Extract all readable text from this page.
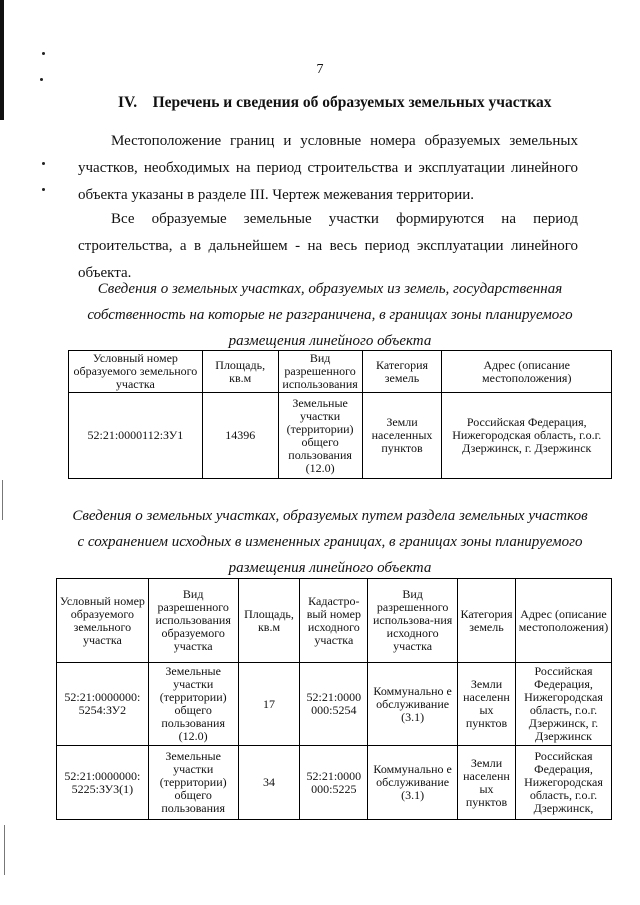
7
IV. Перечень и сведения об образуемых земельных участках
Местоположение границ и условные номера образуемых земельных участков, необходимых на период строительства и эксплуатации линейного объекта указаны в разделе III. Чертеж межевания территории.
Все образуемые земельные участки формируются на период строительства, а в дальнейшем - на весь период эксплуатации линейного объекта.
Сведения о земельных участках, образуемых из земель, государственная собственность на которые не разграничена, в границах зоны планируемого размещения линейного объекта
Условный номер образуемого земельного участка	Площадь, кв.м	Вид разрешенного использования	Категория земель	Адрес (описание местоположения)
52:21:0000112:ЗУ1	14396	Земельные участки (территории) общего пользования (12.0)	Земли населенных пунктов	Российская Федерация, Нижегородская область, г.о.г. Дзержинск, г. Дзержинск
Сведения о земельных участках, образуемых путем раздела земельных участков с сохранением исходных в измененных границах, в границах зоны планируемого размещения линейного объекта
Условный номер образуемого земельного участка	Вид разрешенного использования образуемого участка	Площадь, кв.м	Кадастро-вый номер исходного участка	Вид разрешенного использова-ния исходного участка	Категория земель	Адрес (описание местоположения)
52:21:0000000: 5254:ЗУ2	Земельные участки (территории) общего пользования (12.0)	17	52:21:0000 000:5254	Коммунально е обслуживание (3.1)	Земли населенн ых пунктов	Российская Федерация, Нижегородская область, г.о.г. Дзержинск, г. Дзержинск
52:21:0000000: 5225:ЗУ3(1)	Земельные участки (территории) общего пользования	34	52:21:0000 000:5225	Коммунально е обслуживание (3.1)	Земли населенн ых пунктов	Российская Федерация, Нижегородская область, г.о.г. Дзержинск,
